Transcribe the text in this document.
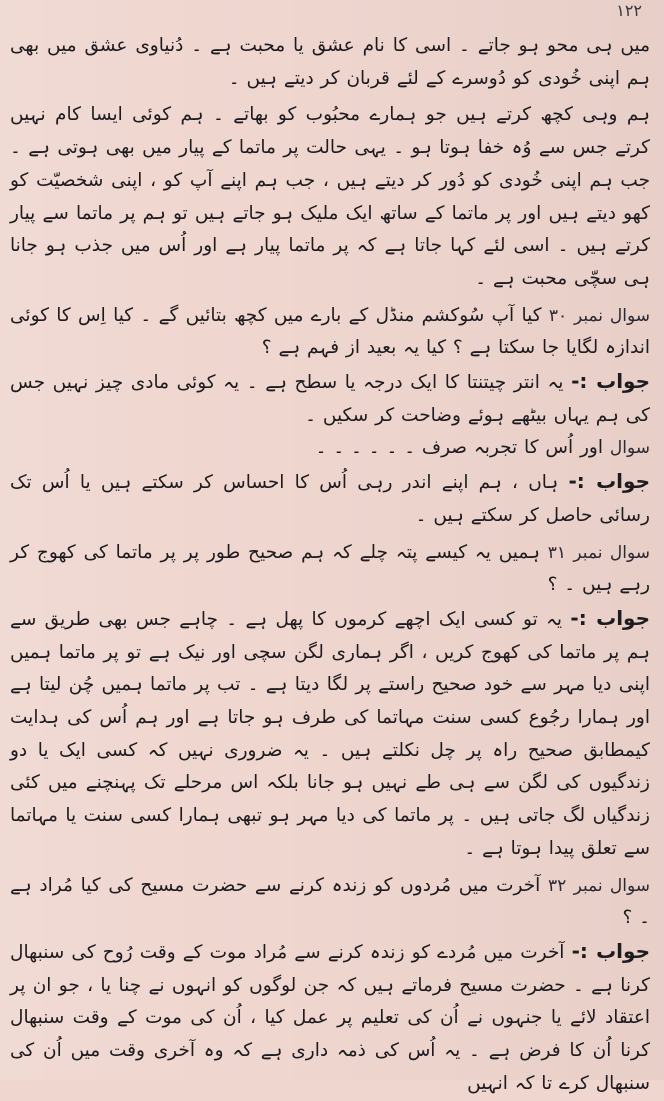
۱۲۲

میں ہی محو ہو جاتے ۔ اسی کا نام عشق یا محبت ہے ۔ دُنیاوی عشق میں بھی ہم اپنی خُودی کو دُوسرے کے لئے قربان کر دیتے ہیں ۔

ہم وہی کچھ کرتے ہیں جو ہمارے محبُوب کو بھاتے ۔ ہم کوئی ایسا کام نہیں کرتے جس سے وُہ خفا ہوتا ہو ۔ یہی حالت پر ماتما کے پیار میں بھی ہوتی ہے ۔ جب ہم اپنی خُودی کو دُور کر دیتے ہیں ، جب ہم اپنے آپ کو ، اپنی شخصیّت کو کھو دیتے ہیں اور پر ماتما کے ساتھ ایک ملیک ہو جاتے ہیں تو ہم پر ماتما سے پیار کرتے ہیں ۔ اسی لئے کہا جاتا ہے کہ پر ماتما پیار ہے اور اُس میں جذب ہو جانا ہی سچّی محبت ہے ۔

سوال نمبر ۳۰ کیا آپ سُوکشم منڈل کے بارے میں کچھ بتائیں گے ۔ کیا اِس کا کوئی اندازہ لگایا جا سکتا ہے ؟ کیا یہ بعید از فہم ہے ؟

جواب :- یہ انتر چیتنتا کا ایک درجہ یا سطح ہے ۔ یہ کوئی مادی چیز نہیں جس کی ہم یہاں بیٹھے ہوئے وضاحت کر سکیں ۔

سوال اور اُس کا تجربہ صرف ۔ ۔ ۔ ۔ ۔ ۔

جواب :- ہاں ، ہم اپنے اندر رہی اُس کا احساس کر سکتے ہیں یا اُس تک رسائی حاصل کر سکتے ہیں ۔

سوال نمبر ۳۱ ہمیں یہ کیسے پتہ چلے کہ ہم صحیح طور پر پر ماتما کی کھوج کر رہے ہیں ۔ ؟

جواب :- یہ تو کسی ایک اچھے کرموں کا پھل ہے ۔ چاہے جس بھی طریق سے ہم پر ماتما کی کھوج کریں ، اگر ہماری لگن سچی اور نیک ہے تو پر ماتما ہمیں اپنی دیا مہر سے خود صحیح راستے پر لگا دیتا ہے ۔ تب پر ماتما ہمیں چُن لیتا ہے اور ہمارا رجُوع کسی سنت مہاتما کی طرف ہو جاتا ہے اور ہم اُس کی ہدایت کیمطابق صحیح راہ پر چل نکلتے ہیں ۔ یہ ضروری نہیں کہ کسی ایک یا دو زندگیوں کی لگن سے ہی طے نہیں ہو جانا بلکہ اس مرحلے تک پہنچنے میں کئی زندگیاں لگ جاتی ہیں ۔ پر ماتما کی دیا مہر ہو تبھی ہمارا کسی سنت یا مہاتما سے تعلق پیدا ہوتا ہے ۔

سوال نمبر ۳۲ آخرت میں مُردوں کو زندہ کرنے سے حضرت مسیح کی کیا مُراد ہے ۔ ؟

جواب :- آخرت میں مُردے کو زندہ کرنے سے مُراد موت کے وقت رُوح کی سنبھال کرنا ہے ۔ حضرت مسیح فرماتے ہیں کہ جن لوگوں کو انہوں نے چنا یا ، جو ان پر اعتقاد لائے یا جنہوں نے اُن کی تعلیم پر عمل کیا ، اُن کی موت کے وقت سنبھال کرنا اُن کا فرض ہے ۔ یہ اُس کی ذمہ داری ہے کہ وہ آخری وقت میں اُن کی سنبھال کرے تا کہ انہیں
